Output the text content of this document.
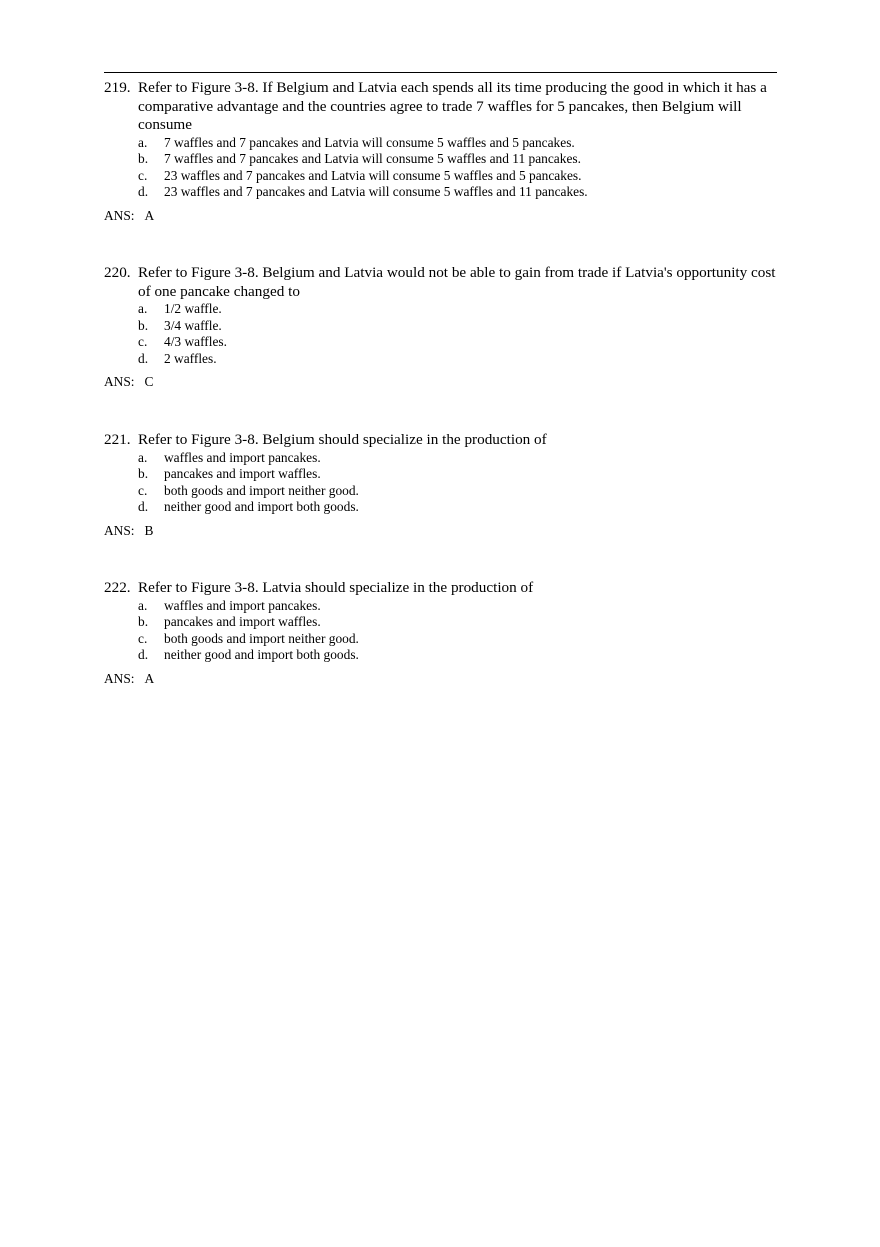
219. Refer to Figure 3-8. If Belgium and Latvia each spends all its time producing the good in which it has a comparative advantage and the countries agree to trade 7 waffles for 5 pancakes, then Belgium will consume
a. 7 waffles and 7 pancakes and Latvia will consume 5 waffles and 5 pancakes.
b. 7 waffles and 7 pancakes and Latvia will consume 5 waffles and 11 pancakes.
c. 23 waffles and 7 pancakes and Latvia will consume 5 waffles and 5 pancakes.
d. 23 waffles and 7 pancakes and Latvia will consume 5 waffles and 11 pancakes.
ANS: A
220. Refer to Figure 3-8. Belgium and Latvia would not be able to gain from trade if Latvia's opportunity cost of one pancake changed to
a. 1/2 waffle.
b. 3/4 waffle.
c. 4/3 waffles.
d. 2 waffles.
ANS: C
221. Refer to Figure 3-8. Belgium should specialize in the production of
a. waffles and import pancakes.
b. pancakes and import waffles.
c. both goods and import neither good.
d. neither good and import both goods.
ANS: B
222. Refer to Figure 3-8. Latvia should specialize in the production of
a. waffles and import pancakes.
b. pancakes and import waffles.
c. both goods and import neither good.
d. neither good and import both goods.
ANS: A
